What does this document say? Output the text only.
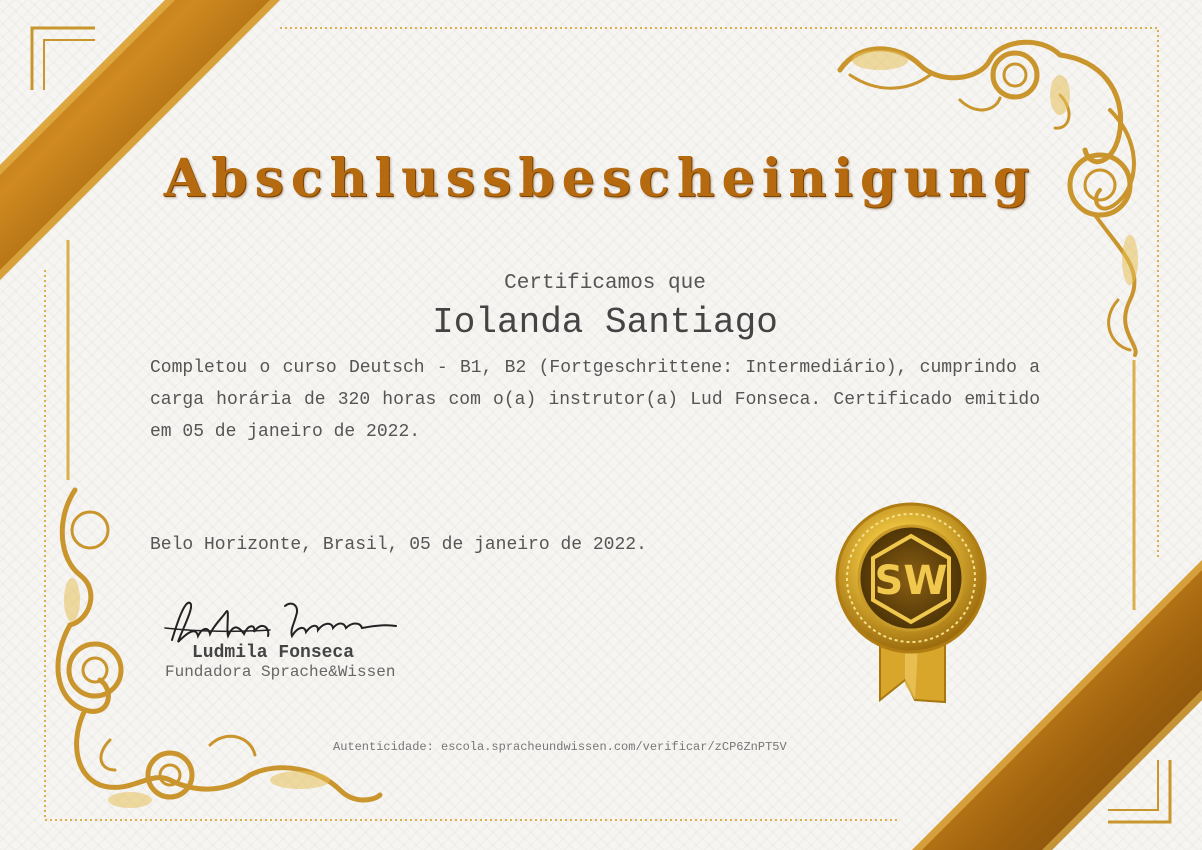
Abschlussbescheinigung
Certificamos que
Iolanda Santiago
Completou o curso Deutsch - B1, B2 (Fortgeschrittene: Intermediário), cumprindo a carga horária de 320 horas com o(a) instrutor(a) Lud Fonseca. Certificado emitido em 05 de janeiro de 2022.
Belo Horizonte, Brasil, 05 de janeiro de 2022.
Ludmila Fonseca
Fundadora Sprache&Wissen
Autenticidade: escola.spracheundwissen.com/verificar/zCP6ZnPT5V
SW
